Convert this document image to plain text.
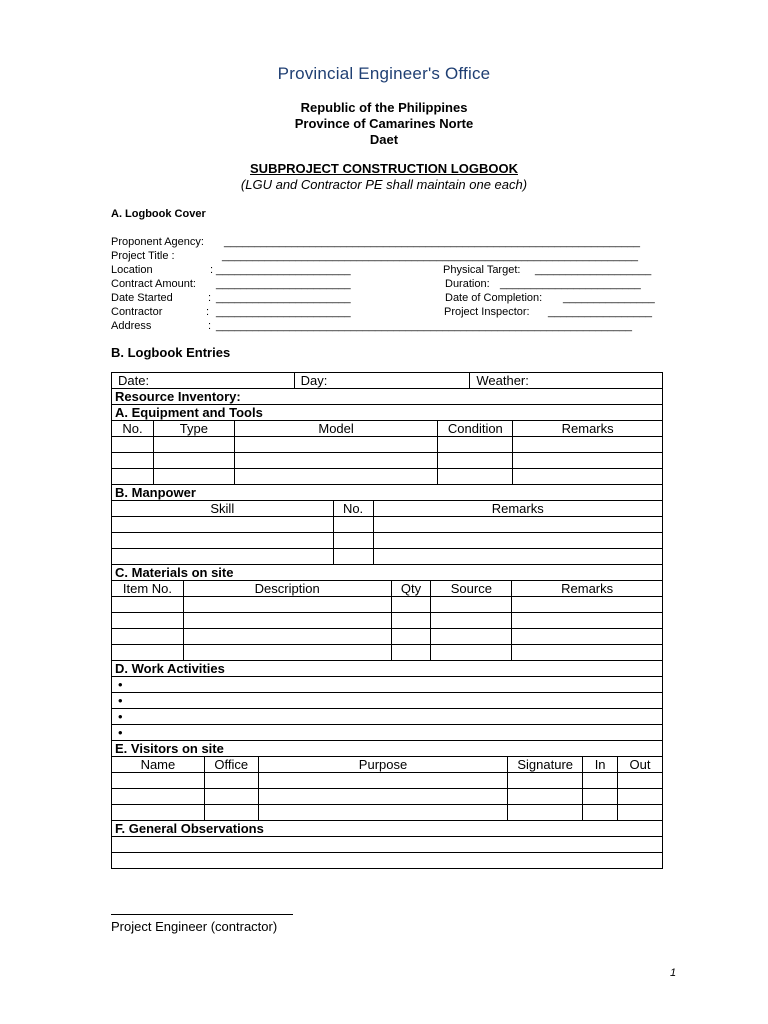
Provincial Engineer's Office
Republic of the Philippines
Province of Camarines Norte
Daet
SUBPROJECT CONSTRUCTION LOGBOOK
(LGU and Contractor PE shall maintain one each)
A. Logbook Cover
Proponent Agency: ____________________________________________________________________
Project Title :	____________________________________________________________________
Location	: ______________________	Physical Target: ___________________
Contract Amount: ______________________	Duration: _______________________
Date Started	: ______________________	Date of Completion: _______________
Contractor	: ______________________	Project Inspector: _________________
Address	: ____________________________________________________________________
B. Logbook Entries
Date:	Day:	Weather:

Resource Inventory:
A. Equipment and Tools

No.	Type	Model	Condition	Remarks

B. Manpower

Skill	No.	Remarks

C. Materials on site

Item No.	Description	Qty	Source	Remarks

D. Work Activities
•
•
•
•
E. Visitors on site

Name	Office	Purpose	Signature	In	Out

F. General Observations

Project Engineer (contractor)
1
